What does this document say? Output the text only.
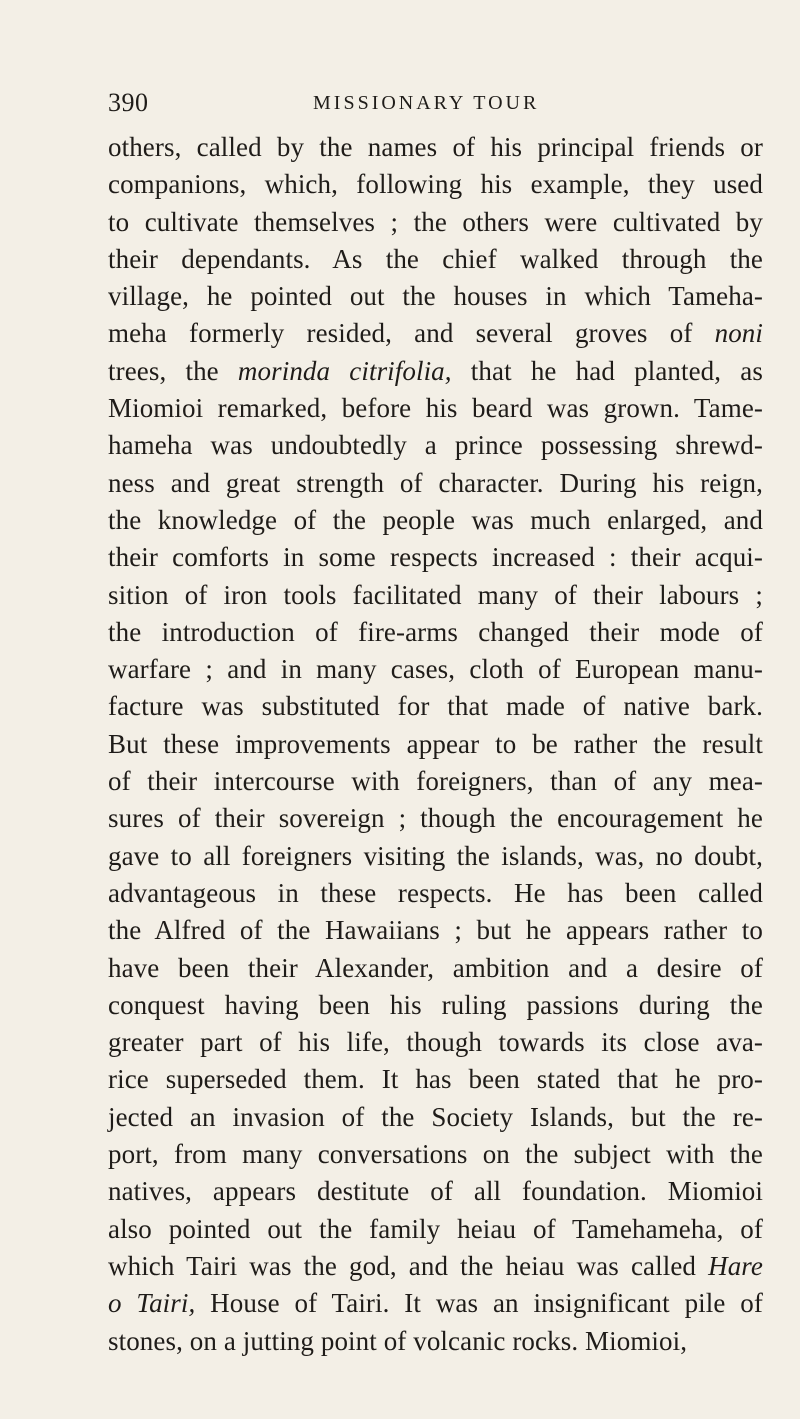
390	MISSIONARY TOUR
others, called by the names of his principal friends or
companions, which, following his example, they used
to cultivate themselves ; the others were cultivated by
their dependants. As the chief walked through the
village, he pointed out the houses in which Tameha-
meha formerly resided, and several groves of noni
trees, the morinda citrifolia, that he had planted, as
Miomioi remarked, before his beard was grown. Tame-
hameha was undoubtedly a prince possessing shrewd-
ness and great strength of character. During his reign,
the knowledge of the people was much enlarged, and
their comforts in some respects increased : their acqui-
sition of iron tools facilitated many of their labours ;
the introduction of fire-arms changed their mode of
warfare ; and in many cases, cloth of European manu-
facture was substituted for that made of native bark.
But these improvements appear to be rather the result
of their intercourse with foreigners, than of any mea-
sures of their sovereign ; though the encouragement he
gave to all foreigners visiting the islands, was, no doubt,
advantageous in these respects. He has been called
the Alfred of the Hawaiians ; but he appears rather to
have been their Alexander, ambition and a desire of
conquest having been his ruling passions during the
greater part of his life, though towards its close ava-
rice superseded them. It has been stated that he pro-
jected an invasion of the Society Islands, but the re-
port, from many conversations on the subject with the
natives, appears destitute of all foundation. Miomioi
also pointed out the family heiau of Tamehameha, of
which Tairi was the god, and the heiau was called Hare
o Tairi, House of Tairi. It was an insignificant pile of
stones, on a jutting point of volcanic rocks. Miomioi,
